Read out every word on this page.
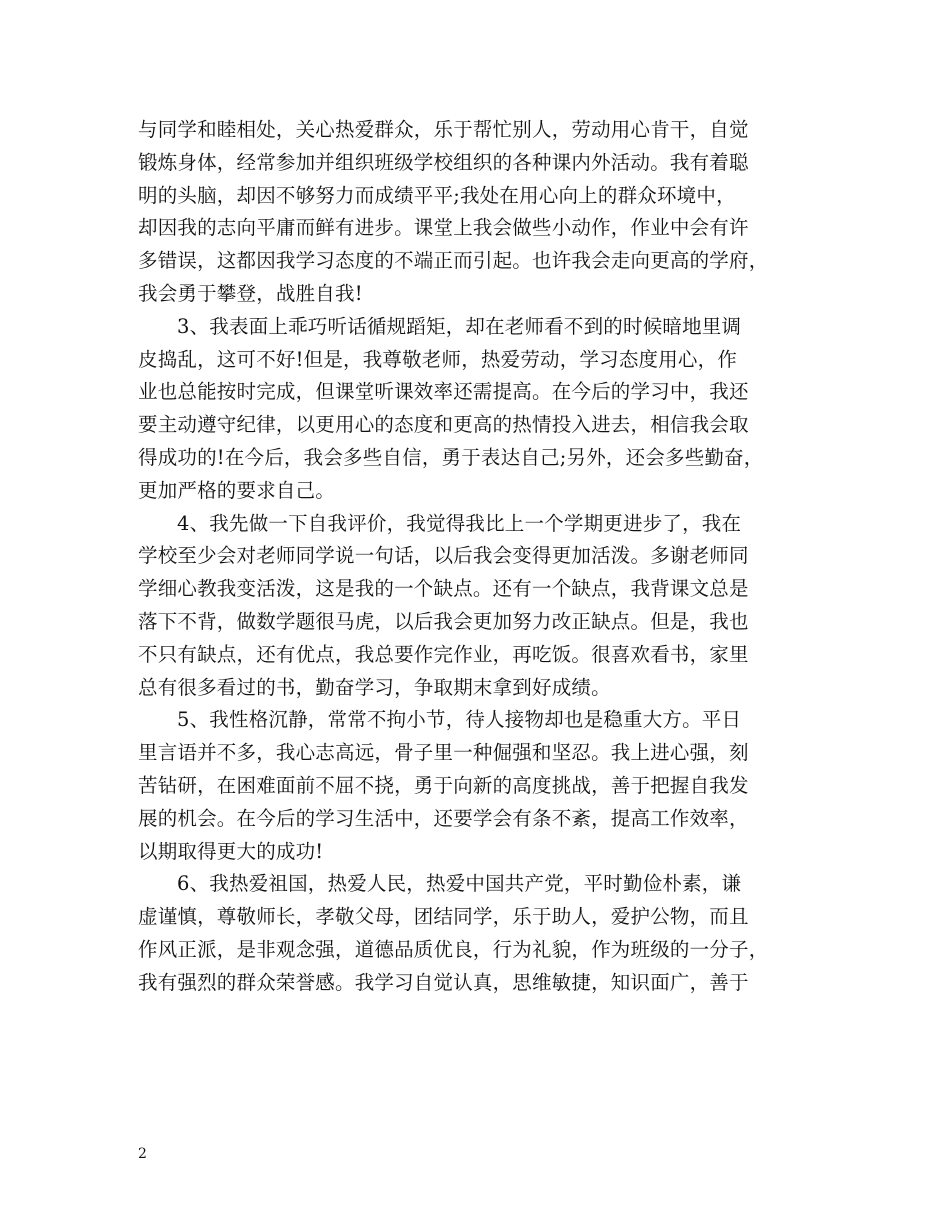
与同学和睦相处，关心热爱群众，乐于帮忙别人，劳动用心肯干，自觉
锻炼身体，经常参加并组织班级学校组织的各种课内外活动。我有着聪
明的头脑，却因不够努力而成绩平平;我处在用心向上的群众环境中，
却因我的志向平庸而鲜有进步。课堂上我会做些小动作，作业中会有许
多错误，这都因我学习态度的不端正而引起。也许我会走向更高的学府，
我会勇于攀登，战胜自我!
3、我表面上乖巧听话循规蹈矩，却在老师看不到的时候暗地里调
皮捣乱，这可不好!但是，我尊敬老师，热爱劳动，学习态度用心，作
业也总能按时完成，但课堂听课效率还需提高。在今后的学习中，我还
要主动遵守纪律，以更用心的态度和更高的热情投入进去，相信我会取
得成功的!在今后，我会多些自信，勇于表达自己;另外，还会多些勤奋，
更加严格的要求自己。
4、我先做一下自我评价，我觉得我比上一个学期更进步了，我在
学校至少会对老师同学说一句话，以后我会变得更加活泼。多谢老师同
学细心教我变活泼，这是我的一个缺点。还有一个缺点，我背课文总是
落下不背，做数学题很马虎，以后我会更加努力改正缺点。但是，我也
不只有缺点，还有优点，我总要作完作业，再吃饭。很喜欢看书，家里
总有很多看过的书，勤奋学习，争取期末拿到好成绩。
5、我性格沉静，常常不拘小节，待人接物却也是稳重大方。平日
里言语并不多，我心志高远，骨子里一种倔强和坚忍。我上进心强，刻
苦钻研，在困难面前不屈不挠，勇于向新的高度挑战，善于把握自我发
展的机会。在今后的学习生活中，还要学会有条不紊，提高工作效率，
以期取得更大的成功!
6、我热爱祖国，热爱人民，热爱中国共产党，平时勤俭朴素，谦
虚谨慎，尊敬师长，孝敬父母，团结同学，乐于助人，爱护公物，而且
作风正派，是非观念强，道德品质优良，行为礼貌，作为班级的一分子，
我有强烈的群众荣誉感。我学习自觉认真，思维敏捷，知识面广，善于
2
